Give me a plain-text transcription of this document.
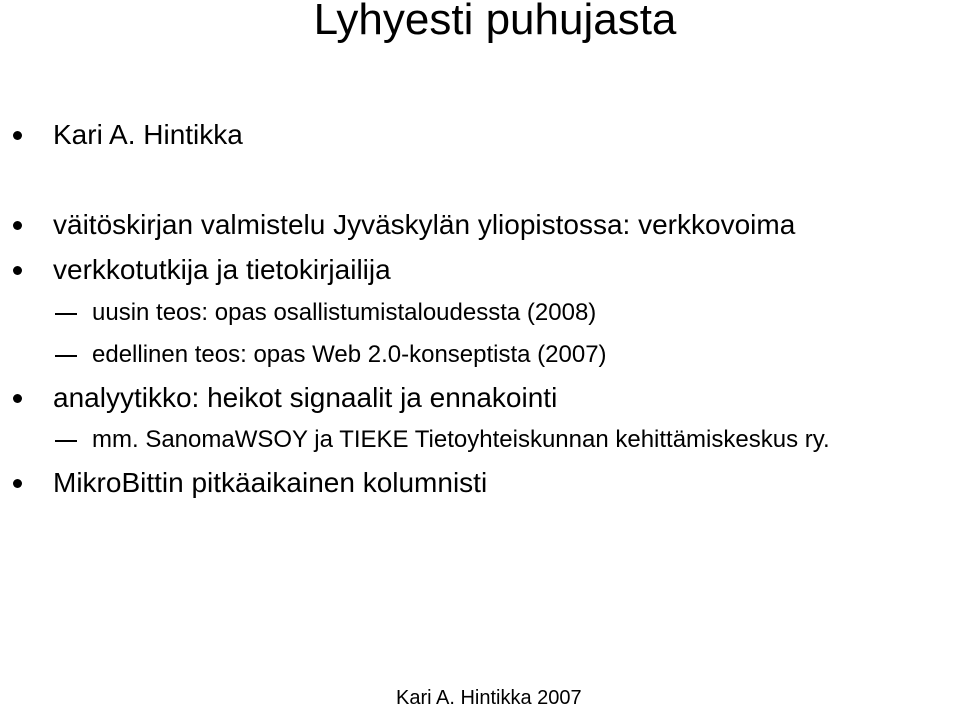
Lyhyesti puhujasta
Kari A. Hintikka
väitöskirjan valmistelu Jyväskylän yliopistossa: verkkovoima
verkkotutkija ja tietokirjailija
uusin teos: opas osallistumistaloudessta (2008)
edellinen teos: opas Web 2.0-konseptista (2007)
analyytikko: heikot signaalit ja ennakointi
mm. SanomaWSOY ja TIEKE Tietoyhteiskunnan kehittämiskeskus ry.
MikroBittin pitkäaikainen kolumnisti
Kari A. Hintikka 2007
